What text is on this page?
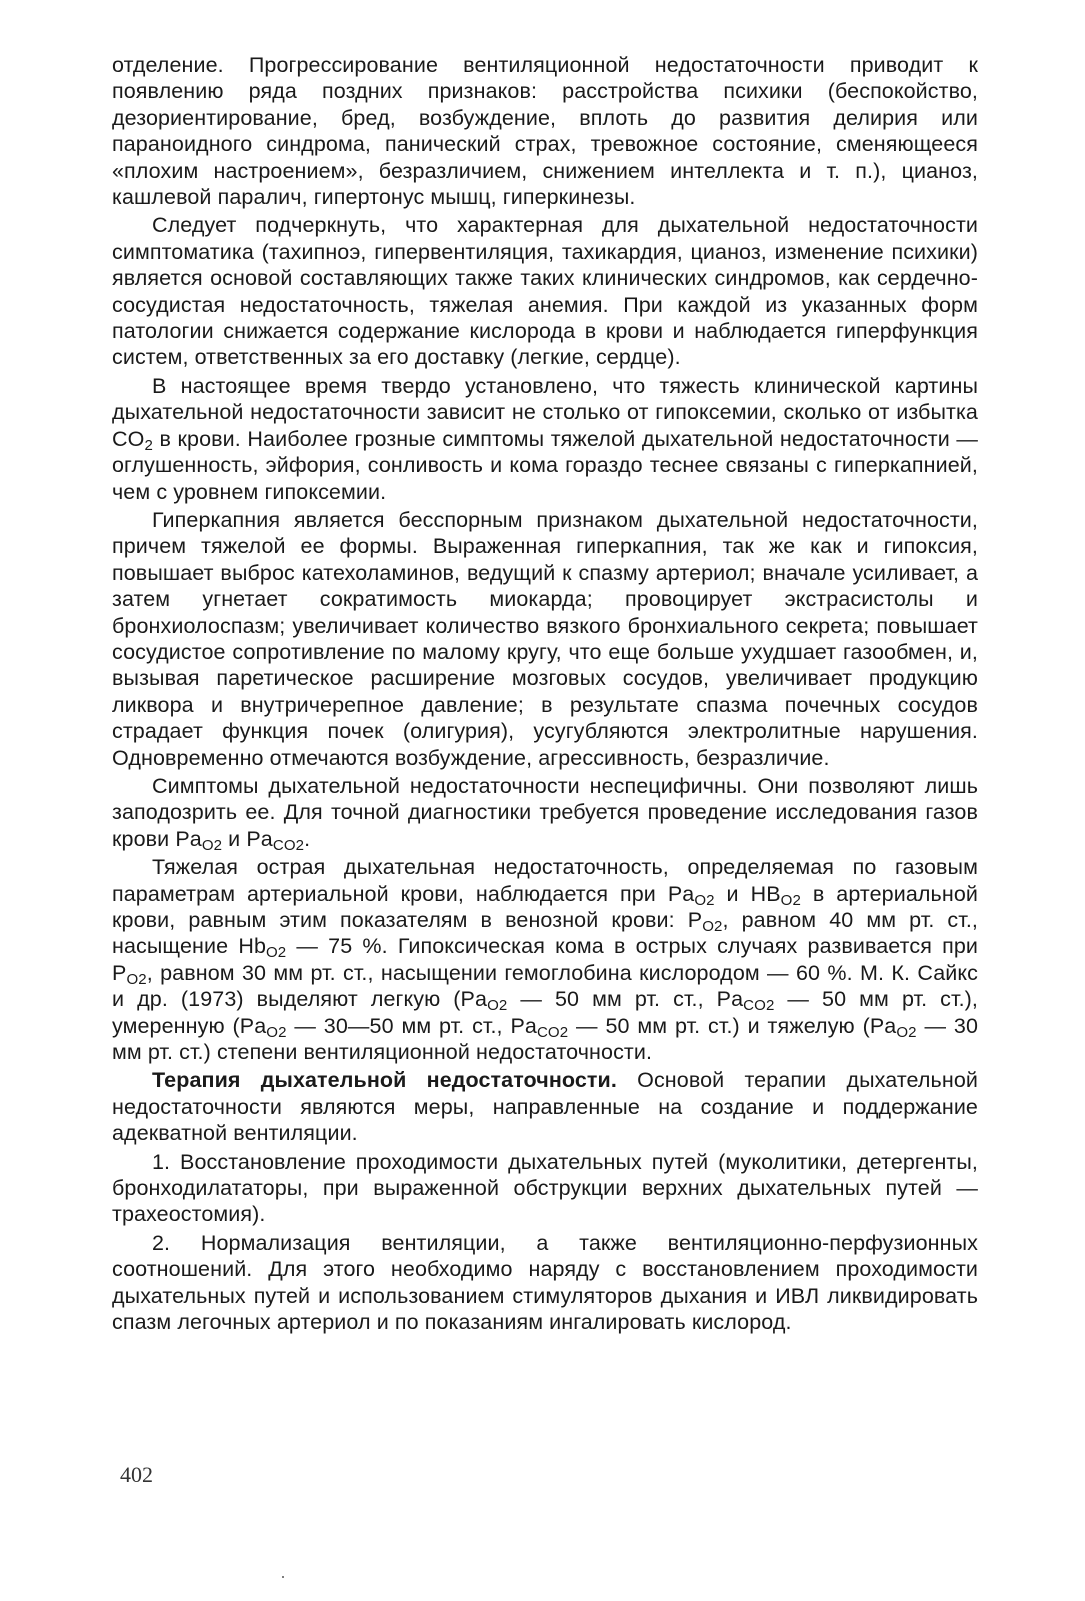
отделение. Прогрессирование вентиляционной недостаточности приводит к появлению ряда поздних признаков: расстройства психики (беспокойство, дезориентирование, бред, возбуждение, вплоть до развития делирия или параноидного синдрома, панический страх, тревожное состояние, сменяющееся «плохим настроением», безразличием, снижением интеллекта и т. п.), цианоз, кашлевой паралич, гипертонус мышц, гиперкинезы.

Следует подчеркнуть, что характерная для дыхательной недостаточности симптоматика (тахипноэ, гипервентиляция, тахикардия, цианоз, изменение психики) является основой составляющих также таких клинических синдромов, как сердечно-сосудистая недостаточность, тяжелая анемия. При каждой из указанных форм патологии снижается содержание кислорода в крови и наблюдается гиперфункция систем, ответственных за его доставку (легкие, сердце).

В настоящее время твердо установлено, что тяжесть клинической картины дыхательной недостаточности зависит не столько от гипоксемии, сколько от избытка $CO_2$ в крови. Наиболее грозные симптомы тяжелой дыхательной недостаточности — оглушенность, эйфория, сонливость и кома гораздо теснее связаны с гиперкапнией, чем с уровнем гипоксемии.

Гиперкапния является бесспорным признаком дыхательной недостаточности, причем тяжелой ее формы. Выраженная гиперкапния, так же как и гипоксия, повышает выброс катехоламинов, ведущий к спазму артериол; вначале усиливает, а затем угнетает сократимость миокарда; провоцирует экстрасистолы и бронхиолоспазм; увеличивает количество вязкого бронхиального секрета; повышает сосудистое сопротивление по малому кругу, что еще больше ухудшает газообмен, и, вызывая паретическое расширение мозговых сосудов, увеличивает продукцию ликвора и внутричерепное давление; в результате спазма почечных сосудов страдает функция почек (олигурия), усугубляются электролитные нарушения. Одновременно отмечаются возбуждение, агрессивность, безразличие.

Симптомы дыхательной недостаточности неспецифичны. Они позволяют лишь заподозрить ее. Для точной диагностики требуется проведение исследования газов крови $Pa_{O2}$ и $Pa_{CO2}$.

Тяжелая острая дыхательная недостаточность, определяемая по газовым параметрам артериальной крови, наблюдается при $Pa_{O2}$ и $HB_{O2}$ в артериальной крови, равным этим показателям в венозной крови: $P_{O2}$, равном 40 мм рт. ст., насыщение $Hb_{O2}$ — 75 %. Гипоксическая кома в острых случаях развивается при $P_{O2}$, равном 30 мм рт. ст., насыщении гемоглобина кислородом — 60 %. М. К. Сайкс и др. (1973) выделяют легкую ($Pa_{O2}$ — 50 мм рт. ст., $Pa_{CO2}$ — 50 мм рт. ст.), умеренную ($Pa_{O2}$ — 30—50 мм рт. ст., $Pa_{CO2}$ — 50 мм рт. ст.) и тяжелую ($Pa_{O2}$ — 30 мм рт. ст.) степени вентиляционной недостаточности.

Терапия дыхательной недостаточности. Основой терапии дыхательной недостаточности являются меры, направленные на создание и поддержание адекватной вентиляции.

1. Восстановление проходимости дыхательных путей (муколитики, детергенты, бронходилататоры, при выраженной обструкции верхних дыхательных путей — трахеостомия).

2. Нормализация вентиляции, а также вентиляционно-перфузионных соотношений. Для этого необходимо наряду с восстановлением проходимости дыхательных путей и использованием стимуляторов дыхания и ИВЛ ликвидировать спазм легочных артериол и по показаниям ингалировать кислород.

402
